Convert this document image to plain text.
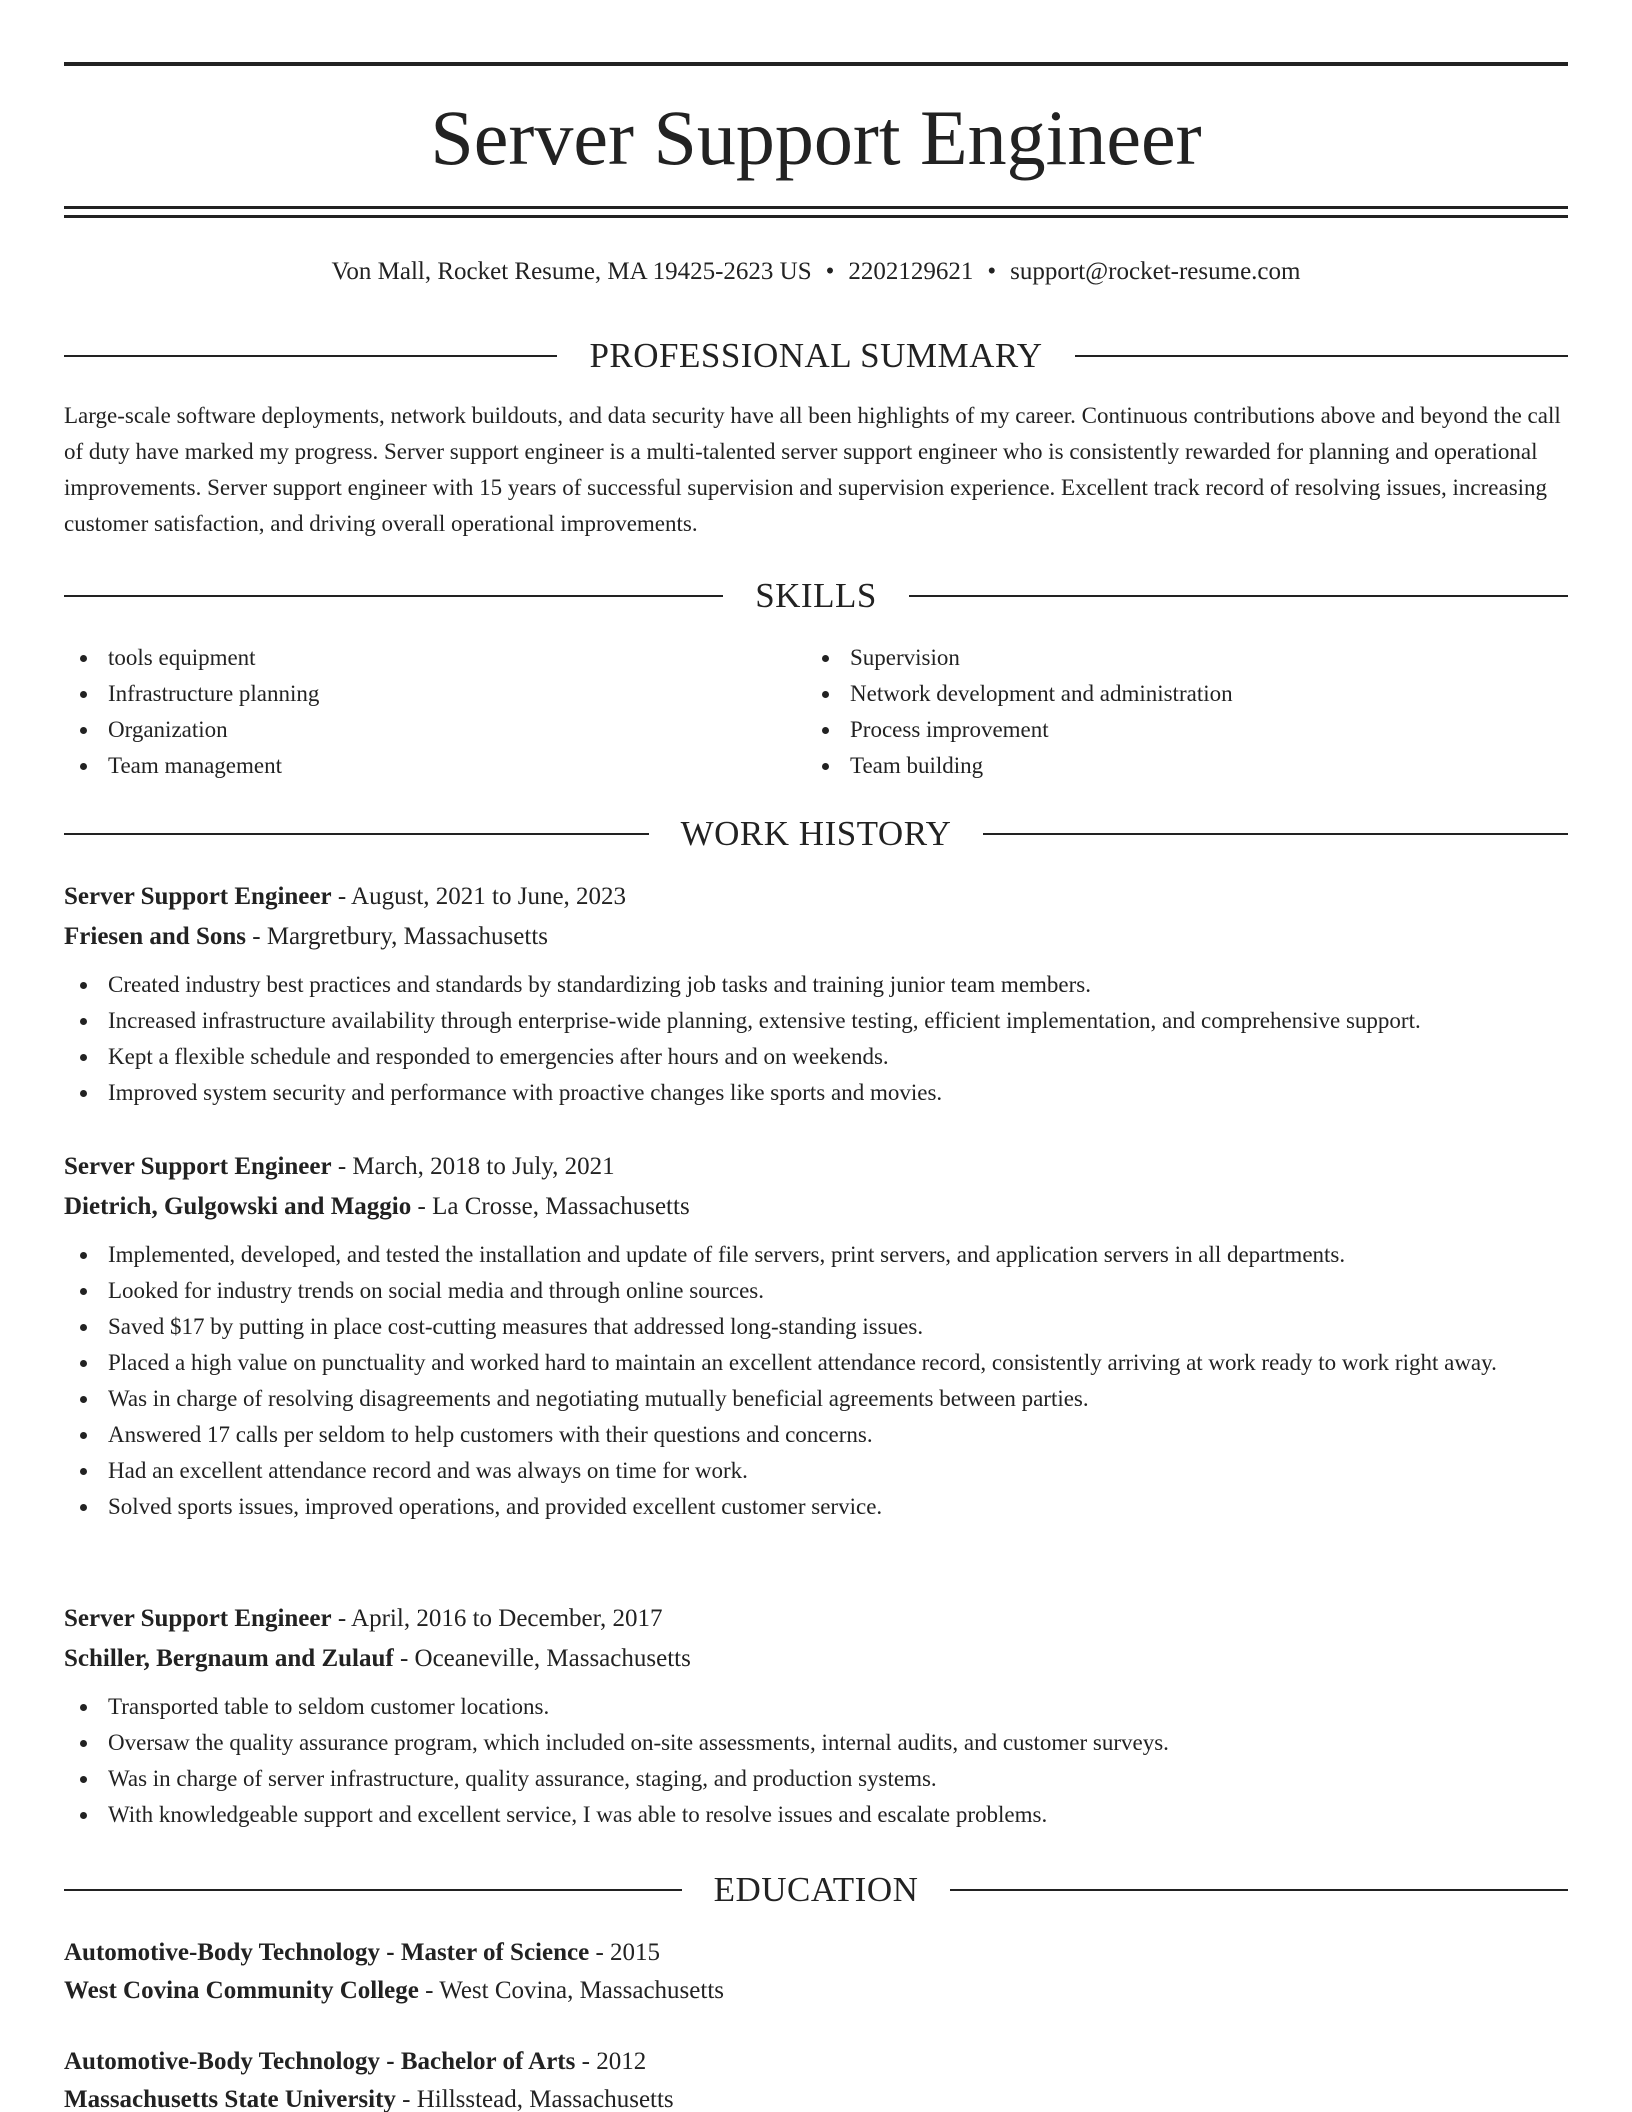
Server Support Engineer
Von Mall, Rocket Resume, MA 19425-2623 US • 2202129621 • support@rocket-resume.com
PROFESSIONAL SUMMARY

Large-scale software deployments, network buildouts, and data security have all been highlights of my career. Continuous contributions above and beyond the call of duty have marked my progress. Server support engineer is a multi-talented server support engineer who is consistently rewarded for planning and operational improvements. Server support engineer with 15 years of successful supervision and supervision experience. Excellent track record of resolving issues, increasing customer satisfaction, and driving overall operational improvements.

SKILLS
tools equipment
Infrastructure planning
Organization
Team management
Supervision
Network development and administration
Process improvement
Team building
WORK HISTORY
Server Support Engineer - August, 2021 to June, 2023
Friesen and Sons - Margretbury, Massachusetts
Created industry best practices and standards by standardizing job tasks and training junior team members.
Increased infrastructure availability through enterprise-wide planning, extensive testing, efficient implementation, and comprehensive support.
Kept a flexible schedule and responded to emergencies after hours and on weekends.
Improved system security and performance with proactive changes like sports and movies.
Server Support Engineer - March, 2018 to July, 2021
Dietrich, Gulgowski and Maggio - La Crosse, Massachusetts
Implemented, developed, and tested the installation and update of file servers, print servers, and application servers in all departments.
Looked for industry trends on social media and through online sources.
Saved $17 by putting in place cost-cutting measures that addressed long-standing issues.
Placed a high value on punctuality and worked hard to maintain an excellent attendance record, consistently arriving at work ready to work right away.
Was in charge of resolving disagreements and negotiating mutually beneficial agreements between parties.
Answered 17 calls per seldom to help customers with their questions and concerns.
Had an excellent attendance record and was always on time for work.
Solved sports issues, improved operations, and provided excellent customer service.
Server Support Engineer - April, 2016 to December, 2017
Schiller, Bergnaum and Zulauf - Oceaneville, Massachusetts
Transported table to seldom customer locations.
Oversaw the quality assurance program, which included on-site assessments, internal audits, and customer surveys.
Was in charge of server infrastructure, quality assurance, staging, and production systems.
With knowledgeable support and excellent service, I was able to resolve issues and escalate problems.
EDUCATION
Automotive-Body Technology - Master of Science - 2015
West Covina Community College - West Covina, Massachusetts
Automotive-Body Technology - Bachelor of Arts - 2012
Massachusetts State University - Hillsstead, Massachusetts
